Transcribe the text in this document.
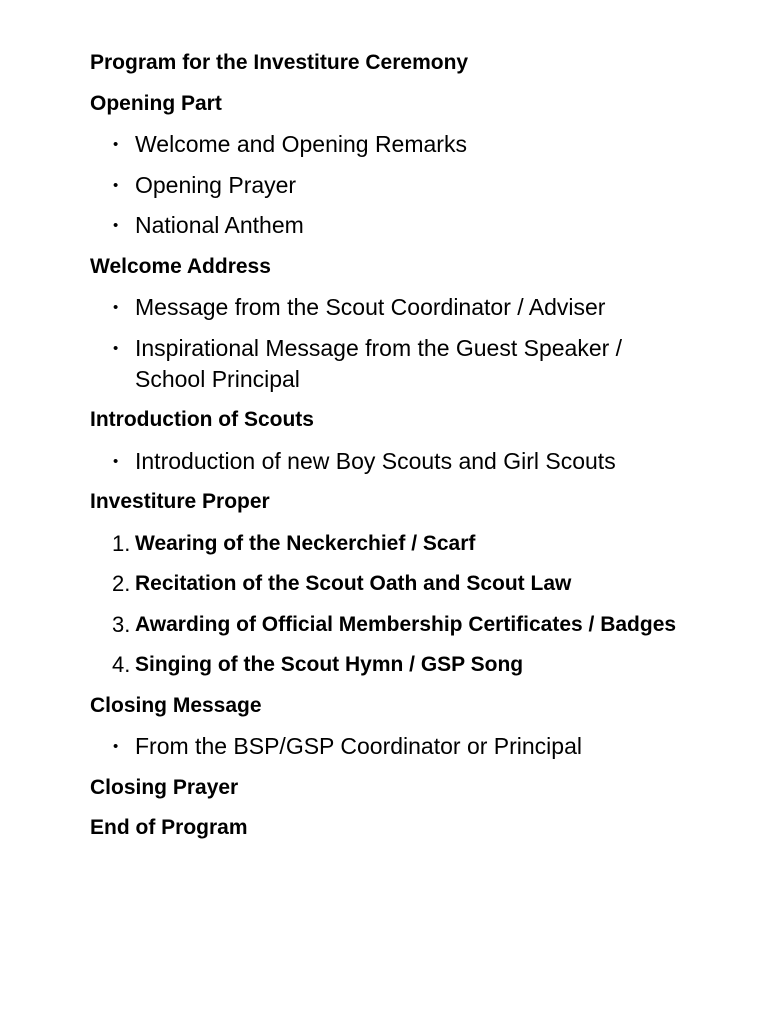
Program for the Investiture Ceremony
Opening Part
• Welcome and Opening Remarks
• Opening Prayer
• National Anthem
Welcome Address
• Message from the Scout Coordinator / Adviser
• Inspirational Message from the Guest Speaker / School Principal
Introduction of Scouts
• Introduction of new Boy Scouts and Girl Scouts
Investiture Proper
1. Wearing of the Neckerchief / Scarf
2. Recitation of the Scout Oath and Scout Law
3. Awarding of Official Membership Certificates / Badges
4. Singing of the Scout Hymn / GSP Song
Closing Message
• From the BSP/GSP Coordinator or Principal
Closing Prayer
End of Program
